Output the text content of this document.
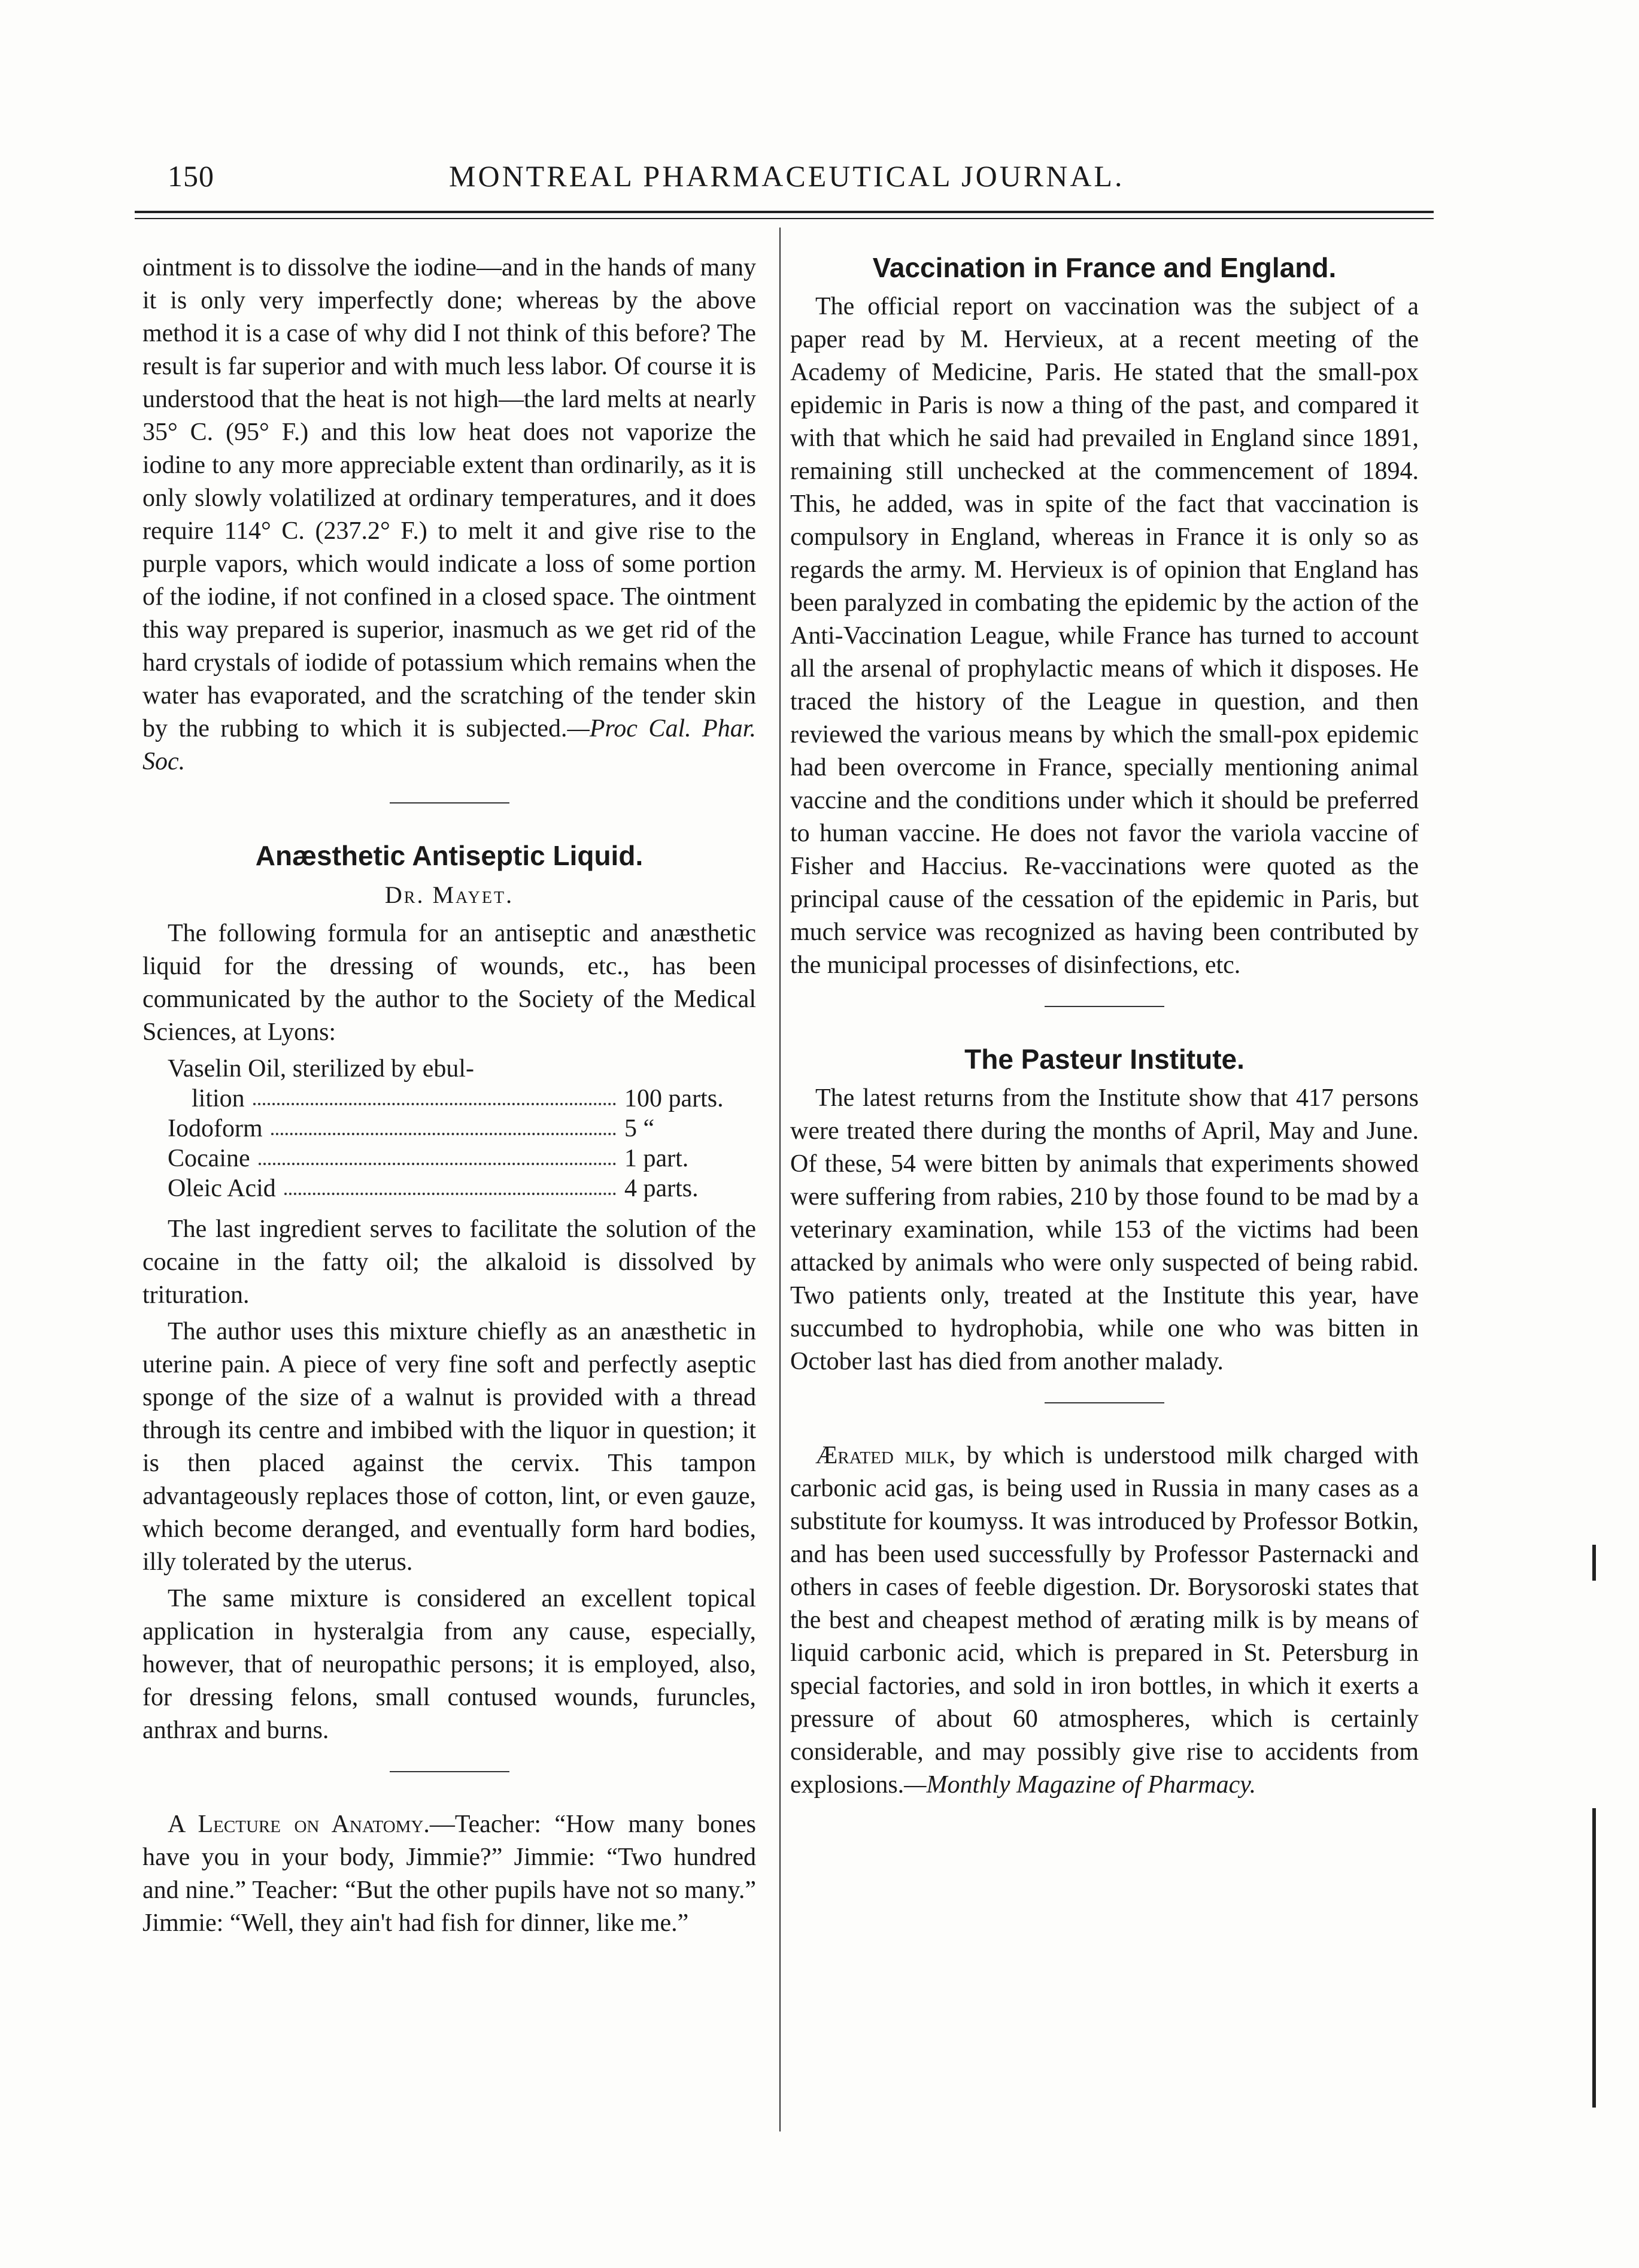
150	MONTREAL PHARMACEUTICAL JOURNAL.

ointment is to dissolve the iodine—and in the hands of many it is only very imperfectly done; whereas by the above method it is a case of why did I not think of this before? The result is far superior and with much less labor. Of course it is understood that the heat is not high—the lard melts at nearly 35° C. (95° F.) and this low heat does not vaporize the iodine to any more appreciable extent than ordinarily, as it is only slowly volatilized at ordinary temperatures, and it does require 114° C. (237.2° F.) to melt it and give rise to the purple vapors, which would indicate a loss of some portion of the iodine, if not confined in a closed space. The ointment this way prepared is superior, inasmuch as we get rid of the hard crystals of iodide of potassium which remains when the water has evaporated, and the scratching of the tender skin by the rubbing to which it is subjected.—Proc Cal. Phar. Soc.

Anæsthetic Antiseptic Liquid.
Dr. Mayet.

The following formula for an antiseptic and anæsthetic liquid for the dressing of wounds, etc., has been communicated by the author to the Society of the Medical Sciences, at Lyons:

Vaselin Oil, sterilized by ebul-
lition	100 parts.
Iodoform	5 “
Cocaine	1 part.
Oleic Acid	4 parts.

The last ingredient serves to facilitate the solution of the cocaine in the fatty oil; the alkaloid is dissolved by trituration.

The author uses this mixture chiefly as an anæsthetic in uterine pain. A piece of very fine soft and perfectly aseptic sponge of the size of a walnut is provided with a thread through its centre and imbibed with the liquor in question; it is then placed against the cervix. This tampon advantageously replaces those of cotton, lint, or even gauze, which become deranged, and eventually form hard bodies, illy tolerated by the uterus.

The same mixture is considered an excellent topical application in hysteralgia from any cause, especially, however, that of neuropathic persons; it is employed, also, for dressing felons, small contused wounds, furuncles, anthrax and burns.

A Lecture on Anatomy.—Teacher: “How many bones have you in your body, Jimmie?” Jimmie: “Two hundred and nine.” Teacher: “But the other pupils have not so many.” Jimmie: “Well, they ain't had fish for dinner, like me.”

Vaccination in France and England.

The official report on vaccination was the subject of a paper read by M. Hervieux, at a recent meeting of the Academy of Medicine, Paris. He stated that the small-pox epidemic in Paris is now a thing of the past, and compared it with that which he said had prevailed in England since 1891, remaining still unchecked at the commencement of 1894. This, he added, was in spite of the fact that vaccination is compulsory in England, whereas in France it is only so as regards the army. M. Hervieux is of opinion that England has been paralyzed in combating the epidemic by the action of the Anti-Vaccination League, while France has turned to account all the arsenal of prophylactic means of which it disposes. He traced the history of the League in question, and then reviewed the various means by which the small-pox epidemic had been overcome in France, specially mentioning animal vaccine and the conditions under which it should be preferred to human vaccine. He does not favor the variola vaccine of Fisher and Haccius. Re-vaccinations were quoted as the principal cause of the cessation of the epidemic in Paris, but much service was recognized as having been contributed by the municipal processes of disinfections, etc.

The Pasteur Institute.

The latest returns from the Institute show that 417 persons were treated there during the months of April, May and June. Of these, 54 were bitten by animals that experiments showed were suffering from rabies, 210 by those found to be mad by a veterinary examination, while 153 of the victims had been attacked by animals who were only suspected of being rabid. Two patients only, treated at the Institute this year, have succumbed to hydrophobia, while one who was bitten in October last has died from another malady.

Ærated milk, by which is understood milk charged with carbonic acid gas, is being used in Russia in many cases as a substitute for koumyss. It was introduced by Professor Botkin, and has been used successfully by Professor Pasternacki and others in cases of feeble digestion. Dr. Borysoroski states that the best and cheapest method of ærating milk is by means of liquid carbonic acid, which is prepared in St. Petersburg in special factories, and sold in iron bottles, in which it exerts a pressure of about 60 atmospheres, which is certainly considerable, and may possibly give rise to accidents from explosions.—Monthly Magazine of Pharmacy.
